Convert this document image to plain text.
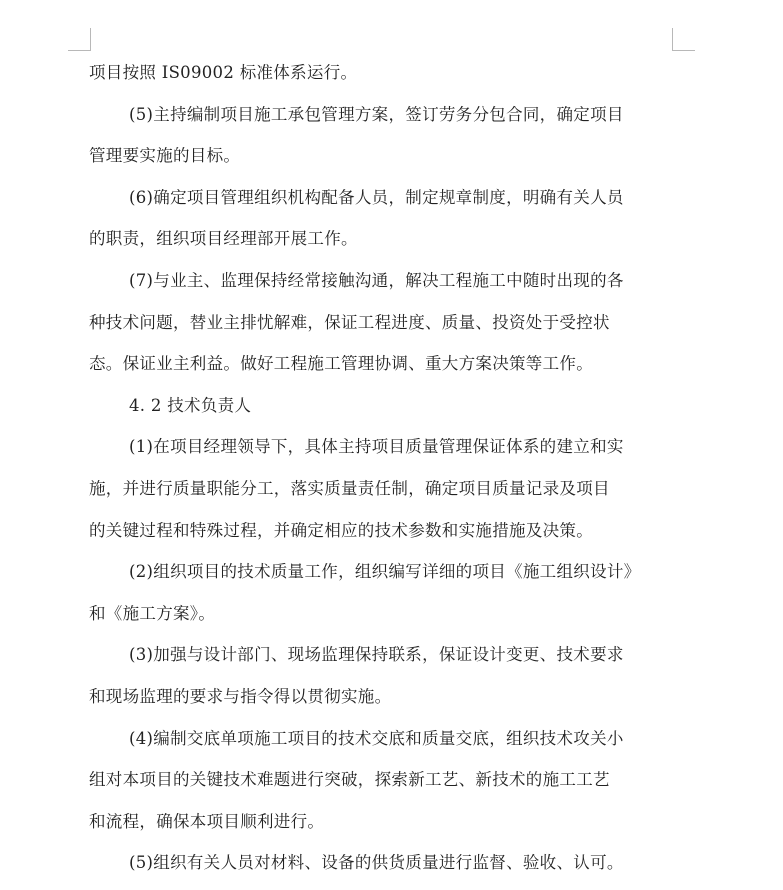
项目按照 IS09002 标准体系运行。
(5)主持编制项目施工承包管理方案，签订劳务分包合同，确定项目
管理要实施的目标。
(6)确定项目管理组织机构配备人员，制定规章制度，明确有关人员
的职责，组织项目经理部开展工作。
(7)与业主、监理保持经常接触沟通，解决工程施工中随时出现的各
种技术问题，替业主排忧解难，保证工程进度、质量、投资处于受控状
态。保证业主利益。做好工程施工管理协调、重大方案决策等工作。
4. 2 技术负责人
(1)在项目经理领导下，具体主持项目质量管理保证体系的建立和实
施，并进行质量职能分工，落实质量责任制，确定项目质量记录及项目
的关键过程和特殊过程，并确定相应的技术参数和实施措施及决策。
(2)组织项目的技术质量工作，组织编写详细的项目《施工组织设计》
和《施工方案》。
(3)加强与设计部门、现场监理保持联系，保证设计变更、技术要求
和现场监理的要求与指令得以贯彻实施。
(4)编制交底单项施工项目的技术交底和质量交底，组织技术攻关小
组对本项目的关键技术难题进行突破，探索新工艺、新技术的施工工艺
和流程，确保本项目顺利进行。
(5)组织有关人员对材料、设备的供货质量进行监督、验收、认可。
